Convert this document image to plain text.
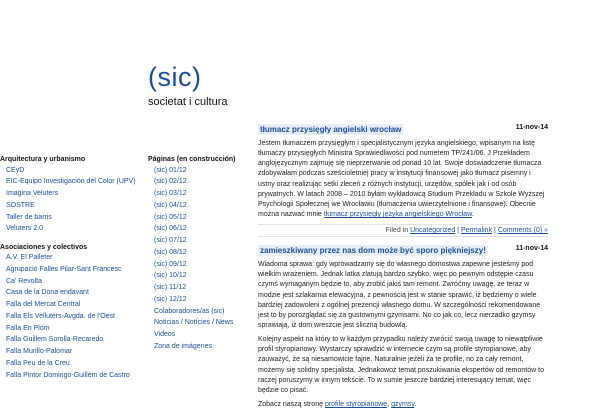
(sic)
societat i cultura
Arquitectura y urbanismo
CEyD
EIC-Equipo Investigación del Color (UPV)
Imagina Veluters
SOSTRE
Taller de barris
Veluters 2.0
Asociaciones y colectivos
A.V. El Palleter
Agrupació Falles Pilar-Sant Francesc
Ca' Revolta
Casa de la Dona endavant
Falla del Mercat Central
Falla Els Velluters-Avgda. de l'Oest
Falla En Plom
Falla Guillem Sorolla-Recaredo
Falla Murillo-Palomar
Falla Peu de la Creu
Falla Pintor Domingo-Guillem de Castro
Páginas (en construcción)
(sic) 01/12
(sic) 02/12
(sic) 03/12
(sic) 04/12
(sic) 05/12
(sic) 06/12
(sic) 07/12
(sic) 08/12
(sic) 09/12
(sic) 10/12
(sic) 11/12
(sic) 12/12
Colaboradores/as (sic)
Noticias / Notícies / News
Videos
Zona de imágenes
tłumacz przysięgły angielski wrocław	11-nov-14

Jestem tłumaczem przysięgłym i specjalistycznym języka angielskiego, wpisanym na listę tłumaczy przysięgłych Ministra Sprawiedliwości pod numerem TP/241/06. J Przekładem anglojęzycznym zajmuję się nieprzerwanie od ponad 10 lat. Swoje doświadczenie tłumacza zdobywałam podczas sześcioletniej pracy w instytucji finansowej jako tłumacz pisemny i ustny oraz realizując setki zleceń z różnych instytucji, urzędów, spółek jak i od osób prywatnych. W latach 2008 – 2010 byłam wykładowcą Studium Przekładu w Szkole Wyższej Psychologii Społecznej we Wrocławiu (tłumaczenia uwierzytelnione i finansowe). Obecnie można nazwać mnie tłumacz przysięgły języka angielskiego Wrocław.

Filed in Uncategorized | Permalink | Comments (0) »
zamieszkiwany przez nas dom może być sporo piękniejszy!	11-nov-14

Wiadoma sprawa: gdy wprowadzamy się do własnego domostwa zapewne jesteśmy pod wielkim wrażeniem. Jednak latka zlatują bardzo szybko, więc po pewnym odstępie czasu czymś wymaganym będzie to, aby zrobić jakiś tam remont. Zwróćmy uwagę, że teraz w modzie jest szlakarnia elewacyjna, z pewnością jest w stanie sprawić, iż będziemy o wiele bardziej zadowoleni z ogólnej prezencji własnego domu. W szczególności rekomendowane jest to by porozglądać się za gustownymi gzymsami. No co jak co, lecz nierzadko gzymsy sprawiają, iż dom wreszcie jest śliczną budowlą.

Kolejny aspekt na który to w każdym przypadku należy zwrócić swoją uwagę to niewątpliwie profil styropianowy. Wystarczy sprawdzić w internecie czym są profile styropianowe, aby zauważyć, że są niesamowicie fajne. Naturalnie jeżeli za te profile, no za cały remont, możemy się solidny specjalista. Jednakowoż temat poszukiwania ekspertów od remontów to raczej poruszymy w innym tekście. To w sumie jeszcze bardziej interesujący temat, więc będzie co pisać.

Zobacz naszą stronę profile styropianowe, gzymsy.
